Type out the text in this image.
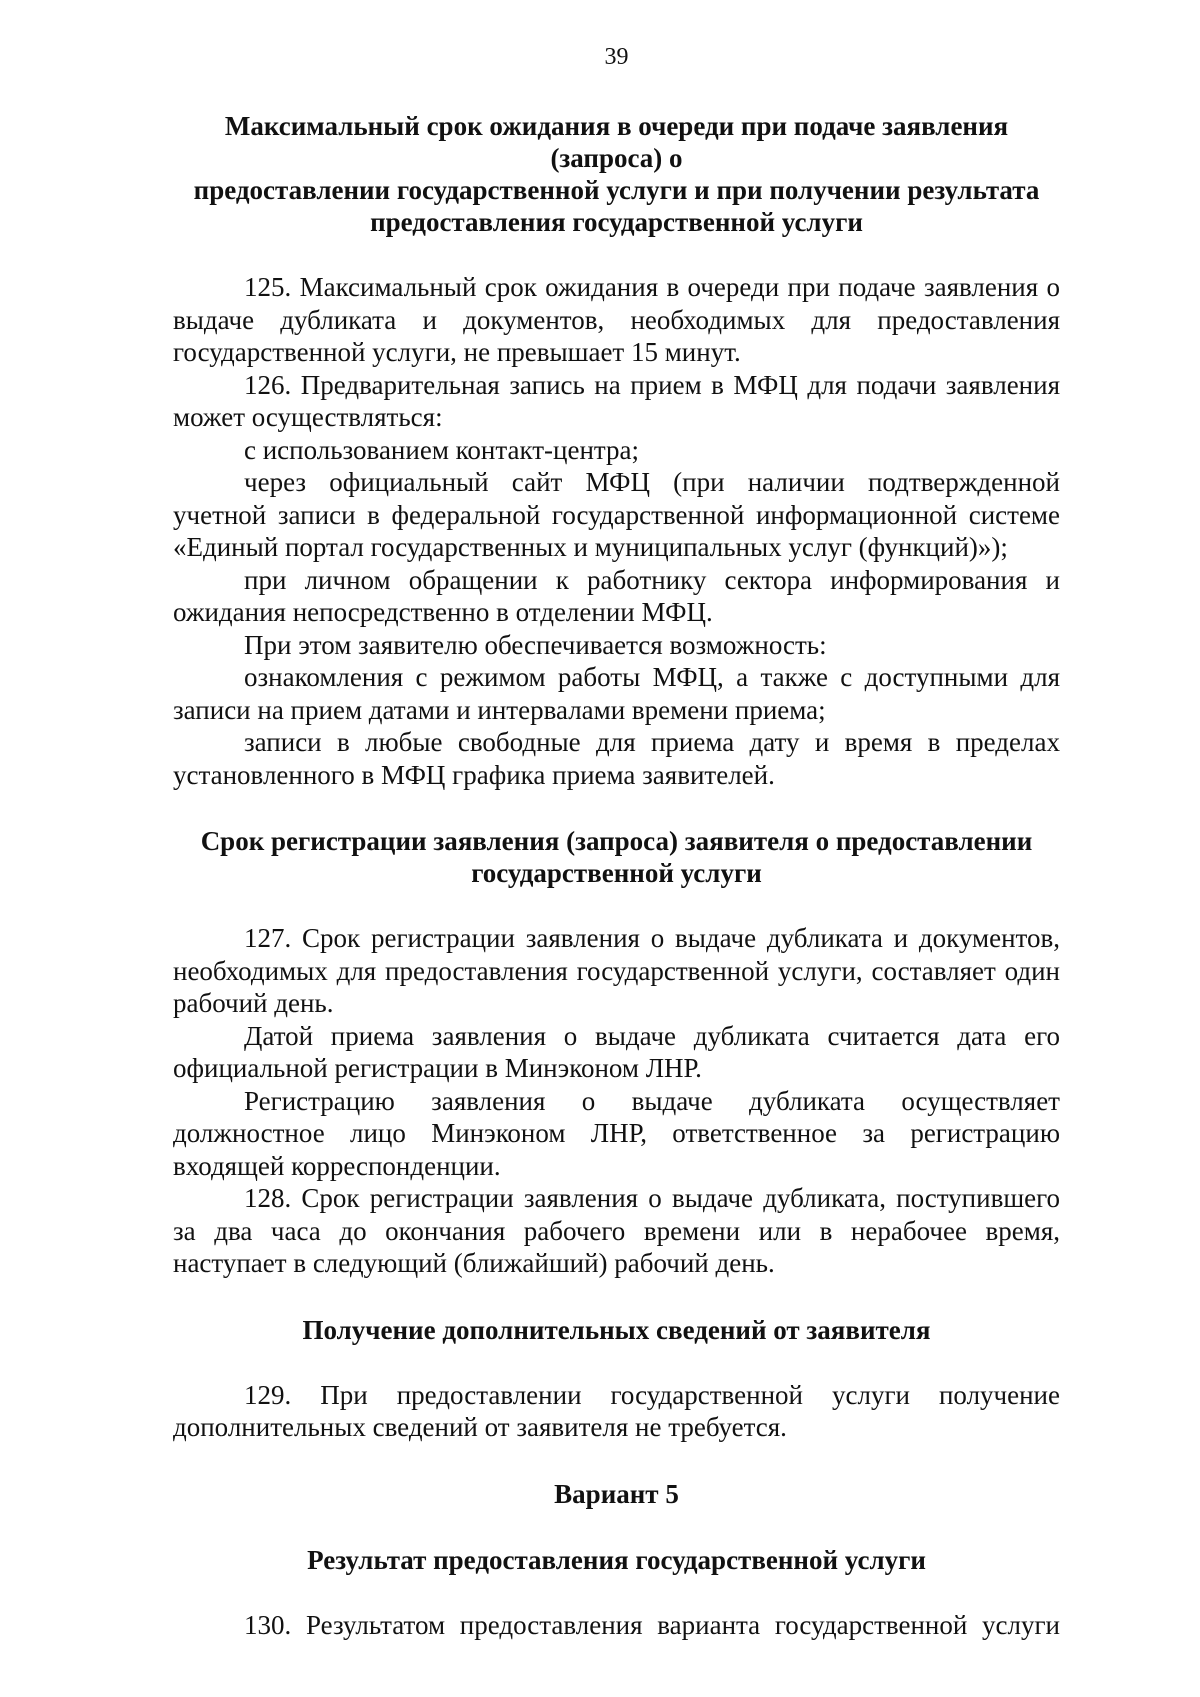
39
Максимальный срок ожидания в очереди при подаче заявления (запроса) о
предоставлении государственной услуги и при получении результата
предоставления государственной услуги

125. Максимальный срок ожидания в очереди при подаче заявления о выдаче дубликата и документов, необходимых для предоставления государственной услуги, не превышает 15 минут.

126. Предварительная запись на прием в МФЦ для подачи заявления может осуществляться:

с использованием контакт-центра;

через официальный сайт МФЦ (при наличии подтвержденной учетной записи в федеральной государственной информационной системе «Единый портал государственных и муниципальных услуг (функций)»);

при личном обращении к работнику сектора информирования и ожидания непосредственно в отделении МФЦ.

При этом заявителю обеспечивается возможность:

ознакомления с режимом работы МФЦ, а также с доступными для записи на прием датами и интервалами времени приема;

записи в любые свободные для приема дату и время в пределах установленного в МФЦ графика приема заявителей.

Срок регистрации заявления (запроса) заявителя о предоставлении
государственной услуги

127. Срок регистрации заявления о выдаче дубликата и документов, необходимых для предоставления государственной услуги, составляет один рабочий день.

Датой приема заявления о выдаче дубликата считается дата его официальной регистрации в Минэконом ЛНР.

Регистрацию заявления о выдаче дубликата осуществляет должностное лицо Минэконом ЛНР, ответственное за регистрацию входящей корреспонденции.

128. Срок регистрации заявления о выдаче дубликата, поступившего за два часа до окончания рабочего времени или в нерабочее время, наступает в следующий (ближайший) рабочий день.

Получение дополнительных сведений от заявителя

129. При предоставлении государственной услуги получение дополнительных сведений от заявителя не требуется.

Вариант 5
Результат предоставления государственной услуги

130. Результатом предоставления варианта государственной услуги
